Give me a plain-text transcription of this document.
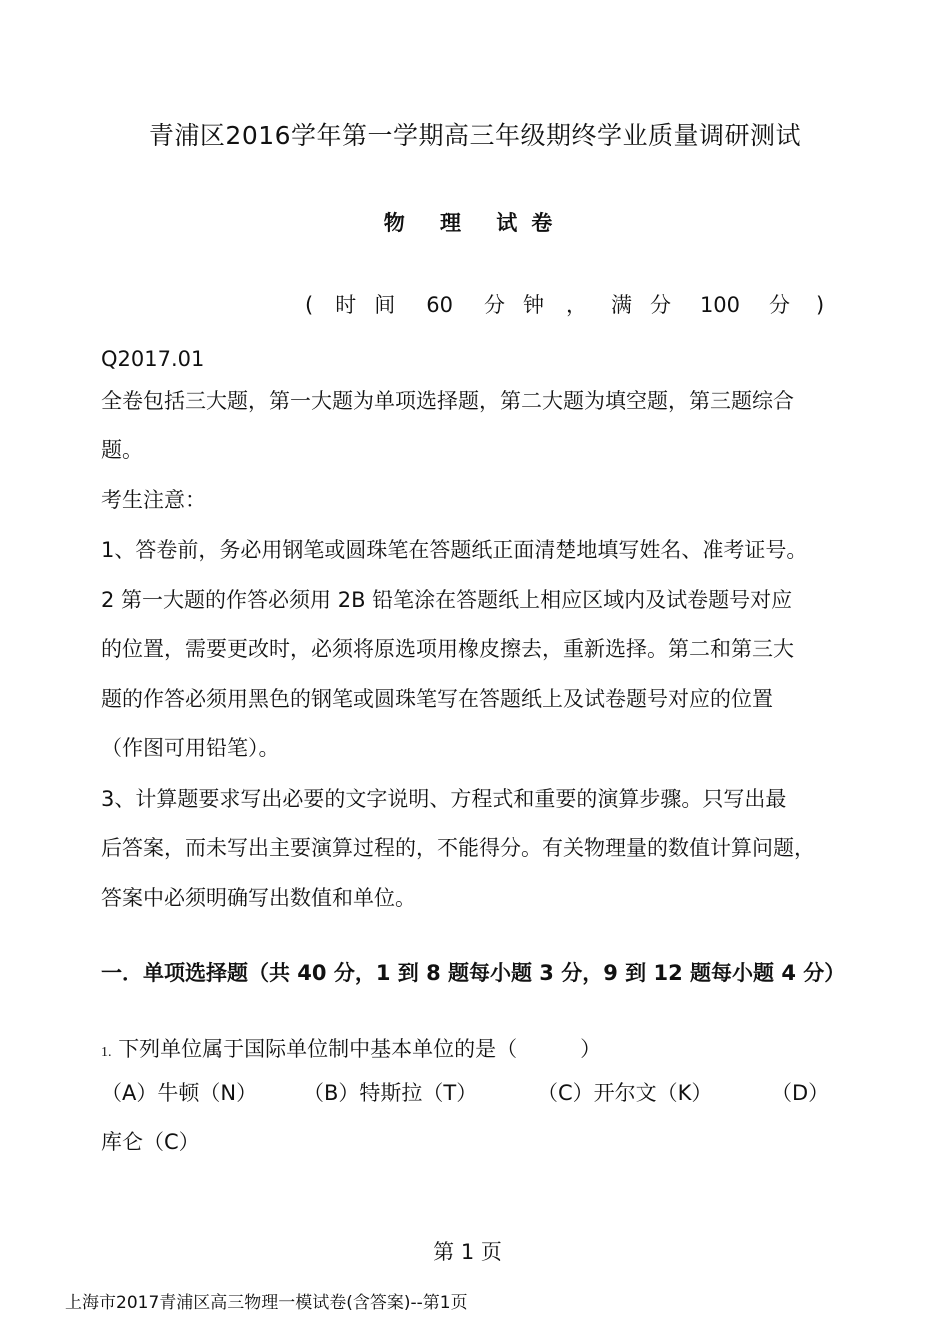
青浦区2016学年第一学期高三年级期终学业质量调研测试
物 理 试卷
( 时 间 60 分 钟 ， 满 分 100 分 )
Q2017.01
全卷包括三大题，第一大题为单项选择题，第二大题为填空题，第三题综合
题。
考生注意：
1、答卷前，务必用钢笔或圆珠笔在答题纸正面清楚地填写姓名、准考证号。
2 第一大题的作答必须用 2B 铅笔涂在答题纸上相应区域内及试卷题号对应
的位置，需要更改时，必须将原选项用橡皮擦去，重新选择。第二和第三大
题的作答必须用黑色的钢笔或圆珠笔写在答题纸上及试卷题号对应的位置
（作图可用铅笔）。
3、计算题要求写出必要的文字说明、方程式和重要的演算步骤。只写出最
后答案，而未写出主要演算过程的，不能得分。有关物理量的数值计算问题，
答案中必须明确写出数值和单位。
一．单项选择题（共 40 分，1 到 8 题每小题 3 分，9 到 12 题每小题 4 分）
1. 下列单位属于国际单位制中基本单位的是（　　　）
（A）牛顿（N） （B）特斯拉（T）	（C）开尔文（K）	（D）
库仑（C）
第 1 页
上海市2017青浦区高三物理一模试卷(含答案)--第1页
